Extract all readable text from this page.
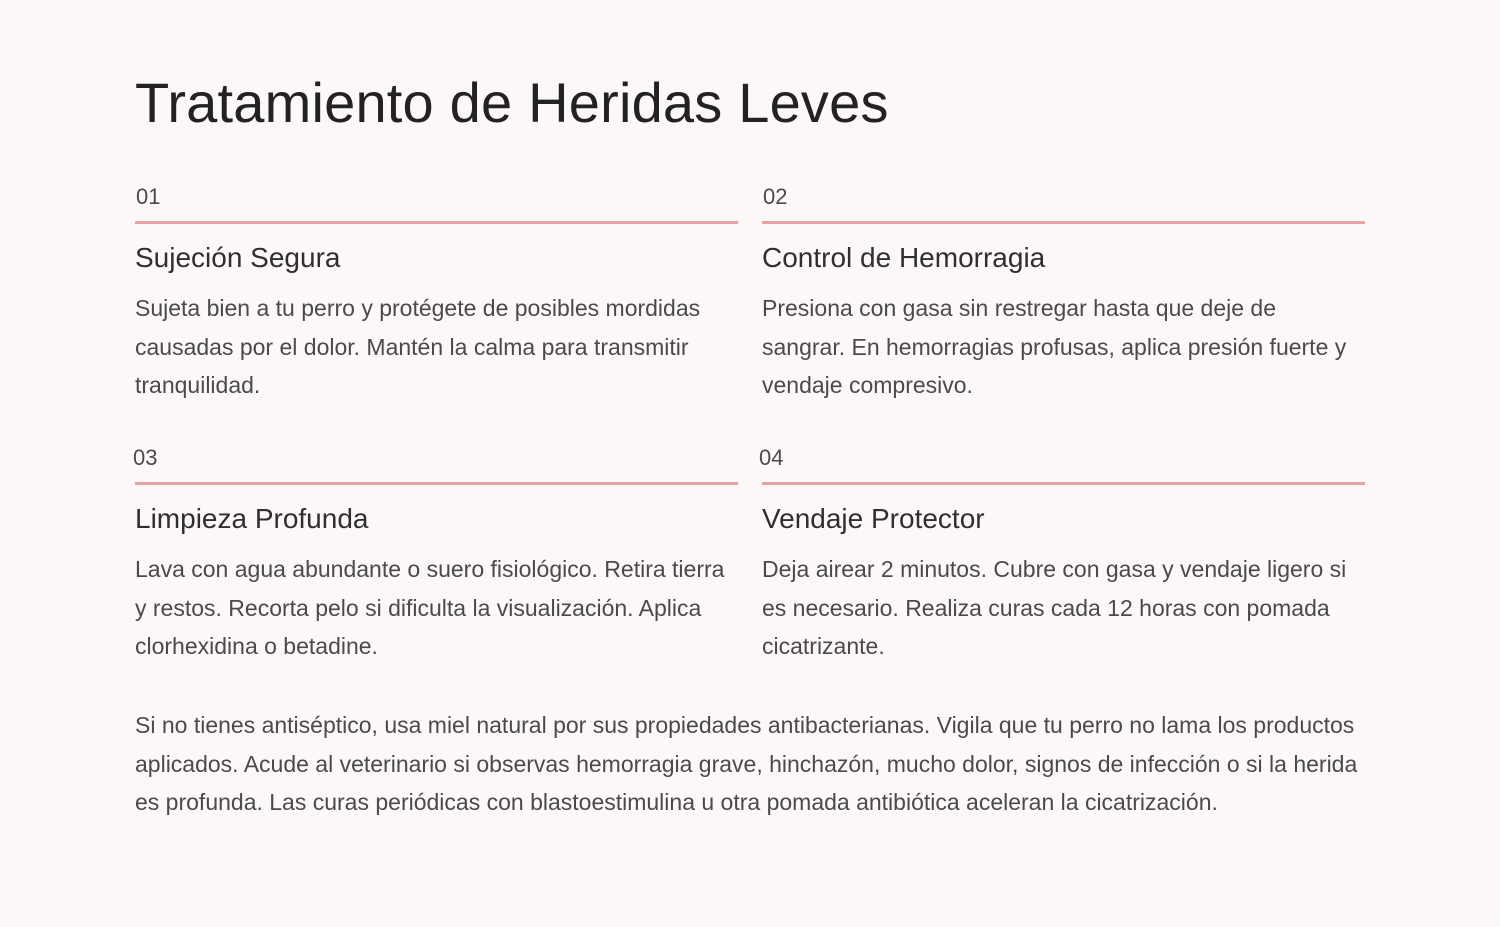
Tratamiento de Heridas Leves
01
Sujeción Segura

Sujeta bien a tu perro y protégete de posibles mordidas causadas por el dolor. Mantén la calma para transmitir tranquilidad.

02
Control de Hemorragia

Presiona con gasa sin restregar hasta que deje de sangrar. En hemorragias profusas, aplica presión fuerte y vendaje compresivo.

03
Limpieza Profunda

Lava con agua abundante o suero fisiológico. Retira tierra y restos. Recorta pelo si dificulta la visualización. Aplica clorhexidina o betadine.

04
Vendaje Protector

Deja airear 2 minutos. Cubre con gasa y vendaje ligero si es necesario. Realiza curas cada 12 horas con pomada cicatrizante.

Si no tienes antiséptico, usa miel natural por sus propiedades antibacterianas. Vigila que tu perro no lama los productos aplicados. Acude al veterinario si observas hemorragia grave, hinchazón, mucho dolor, signos de infección o si la herida es profunda. Las curas periódicas con blastoestimulina u otra pomada antibiótica aceleran la cicatrización.
